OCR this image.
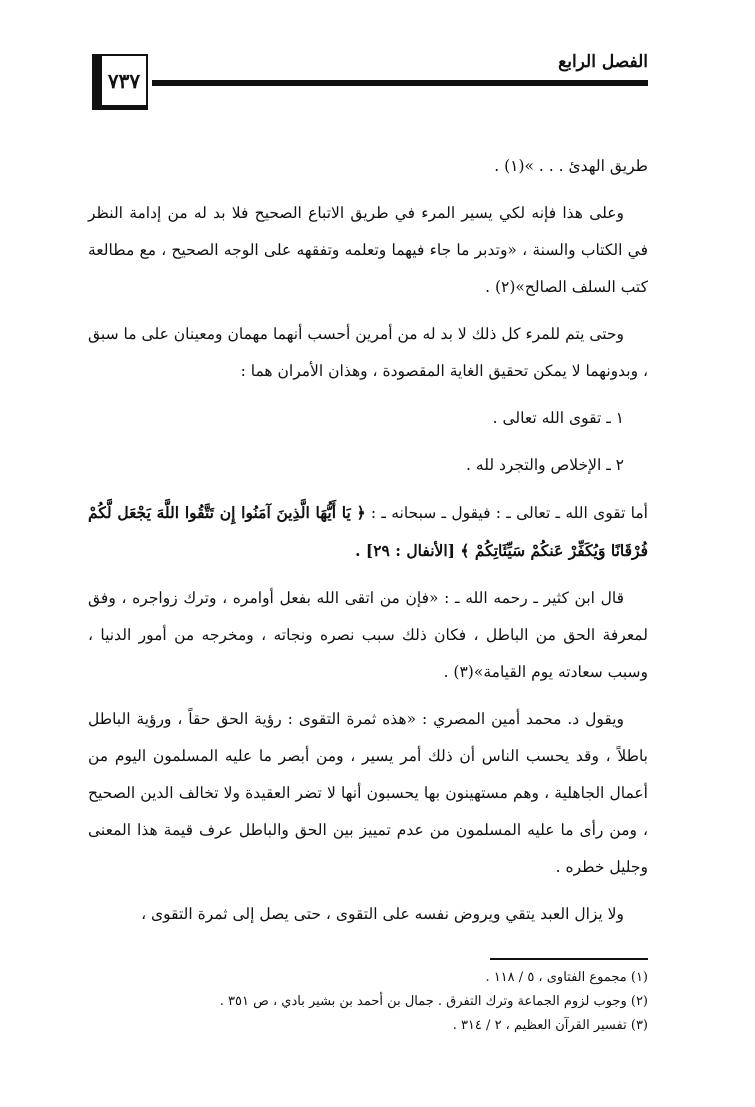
الفصل الرابع
٧٣٧

طريق الهدئ . . . »(١) .

وعلى هذا فإنه لكي يسير المرء في طريق الاتباع الصحيح فلا بد له من إدامة النظر في الكتاب والسنة ، «وتدبر ما جاء فيهما وتعلمه وتفقهه على الوجه الصحيح ، مع مطالعة كتب السلف الصالح»(٢) .

وحتى يتم للمرء كل ذلك لا بد له من أمرين أحسب أنهما مهمان ومعينان على ما سبق ، وبدونهما لا يمكن تحقيق الغاية المقصودة ، وهذان الأمران هما :

١ ـ تقوى الله تعالى .

٢ ـ الإخلاص والتجرد لله .

أما تقوى الله ـ تعالى ـ : فيقول ـ سبحانه ـ : ﴿ يَا أَيُّهَا الَّذِينَ آمَنُوا إِن تَتَّقُوا اللَّهَ يَجْعَل لَّكُمْ فُرْقَانًا وَيُكَفِّرْ عَنكُمْ سَيِّئَاتِكُمْ ﴾ [الأنفال : ٢٩] .

قال ابن كثير ـ رحمه الله ـ : «فإن من اتقى الله بفعل أوامره ، وترك زواجره ، وفق لمعرفة الحق من الباطل ، فكان ذلك سبب نصره ونجاته ، ومخرجه من أمور الدنيا ، وسبب سعادته يوم القيامة»(٣) .

ويقول د. محمد أمين المصري : «هذه ثمرة التقوى : رؤية الحق حقاً ، ورؤية الباطل باطلاً ، وقد يحسب الناس أن ذلك أمر يسير ، ومن أبصر ما عليه المسلمون اليوم من أعمال الجاهلية ، وهم مستهينون بها يحسبون أنها لا تضر العقيدة ولا تخالف الدين الصحيح ، ومن رأى ما عليه المسلمون من عدم تمييز بين الحق والباطل عرف قيمة هذا المعنى وجليل خطره .

ولا يزال العبد يتقي ويروض نفسه على التقوى ، حتى يصل إلى ثمرة التقوى ،

(١) مجموع الفتاوى ، ٥ / ١١٨ .
(٢) وجوب لزوم الجماعة وترك التفرق . جمال بن أحمد بن بشير بادي ، ص ٣٥١ .
(٣) تفسير القرآن العظيم ، ٢ / ٣١٤ .
